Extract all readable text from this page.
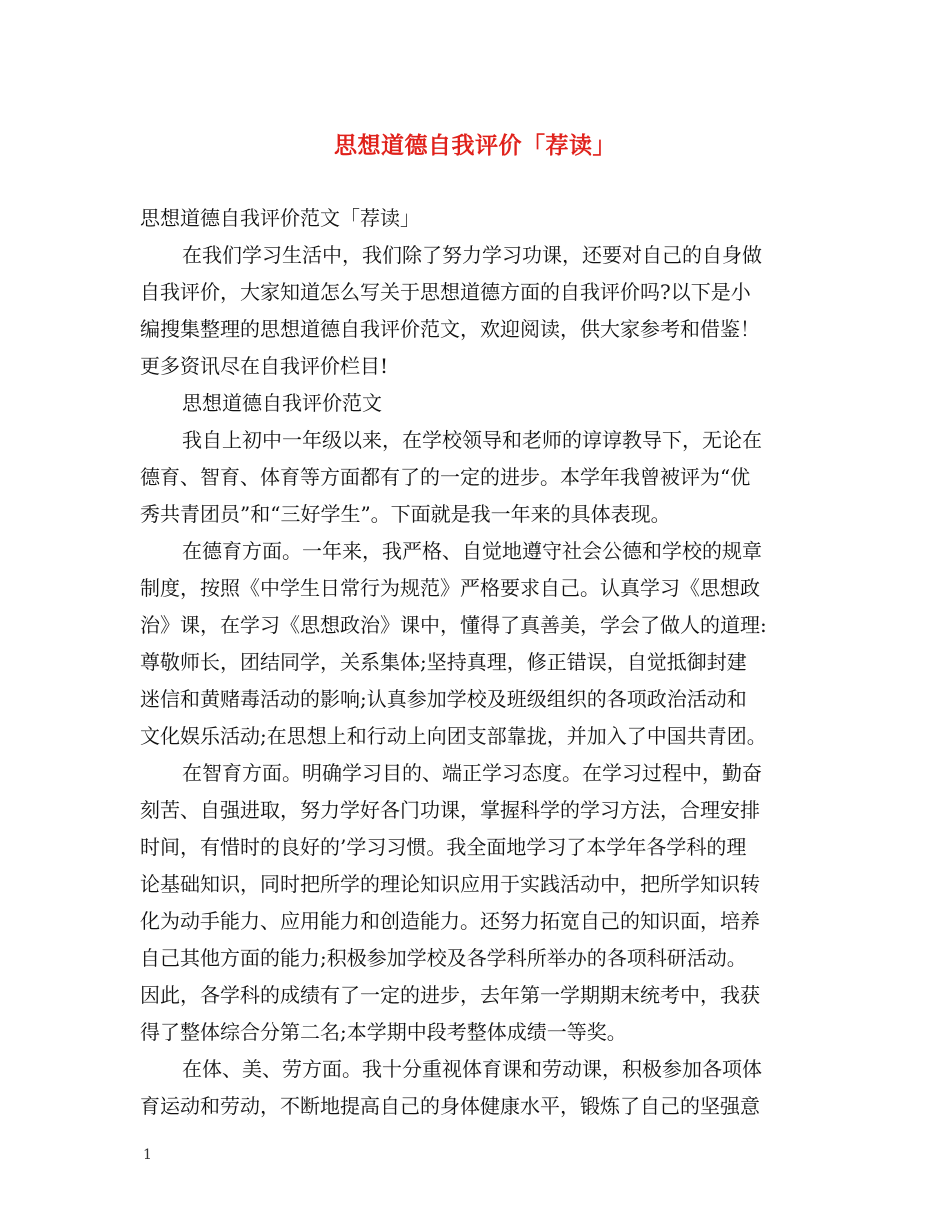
思想道德自我评价「荐读」
思想道德自我评价范文「荐读」
在我们学习生活中，我们除了努力学习功课，还要对自己的自身做
自我评价，大家知道怎么写关于思想道德方面的自我评价吗?以下是小
编搜集整理的思想道德自我评价范文，欢迎阅读，供大家参考和借鉴！
更多资讯尽在自我评价栏目!
思想道德自我评价范文
我自上初中一年级以来，在学校领导和老师的谆谆教导下，无论在
德育、智育、体育等方面都有了的一定的进步。本学年我曾被评为“优
秀共青团员”和“三好学生”。下面就是我一年来的具体表现。
在德育方面。一年来，我严格、自觉地遵守社会公德和学校的规章
制度，按照《中学生日常行为规范》严格要求自己。认真学习《思想政
治》课，在学习《思想政治》课中，懂得了真善美，学会了做人的道理:
尊敬师长，团结同学，关系集体;坚持真理，修正错误，自觉抵御封建
迷信和黄赌毒活动的影响;认真参加学校及班级组织的各项政治活动和
文化娱乐活动;在思想上和行动上向团支部靠拢，并加入了中国共青团。
在智育方面。明确学习目的、端正学习态度。在学习过程中，勤奋
刻苦、自强进取，努力学好各门功课，掌握科学的学习方法，合理安排
时间，有惜时的良好的’学习习惯。我全面地学习了本学年各学科的理
论基础知识，同时把所学的理论知识应用于实践活动中，把所学知识转
化为动手能力、应用能力和创造能力。还努力拓宽自己的知识面，培养
自己其他方面的能力;积极参加学校及各学科所举办的各项科研活动。
因此，各学科的成绩有了一定的进步，去年第一学期期末统考中，我获
得了整体综合分第二名;本学期中段考整体成绩一等奖。
在体、美、劳方面。我十分重视体育课和劳动课，积极参加各项体
育运动和劳动，不断地提高自己的身体健康水平，锻炼了自己的坚强意
1
